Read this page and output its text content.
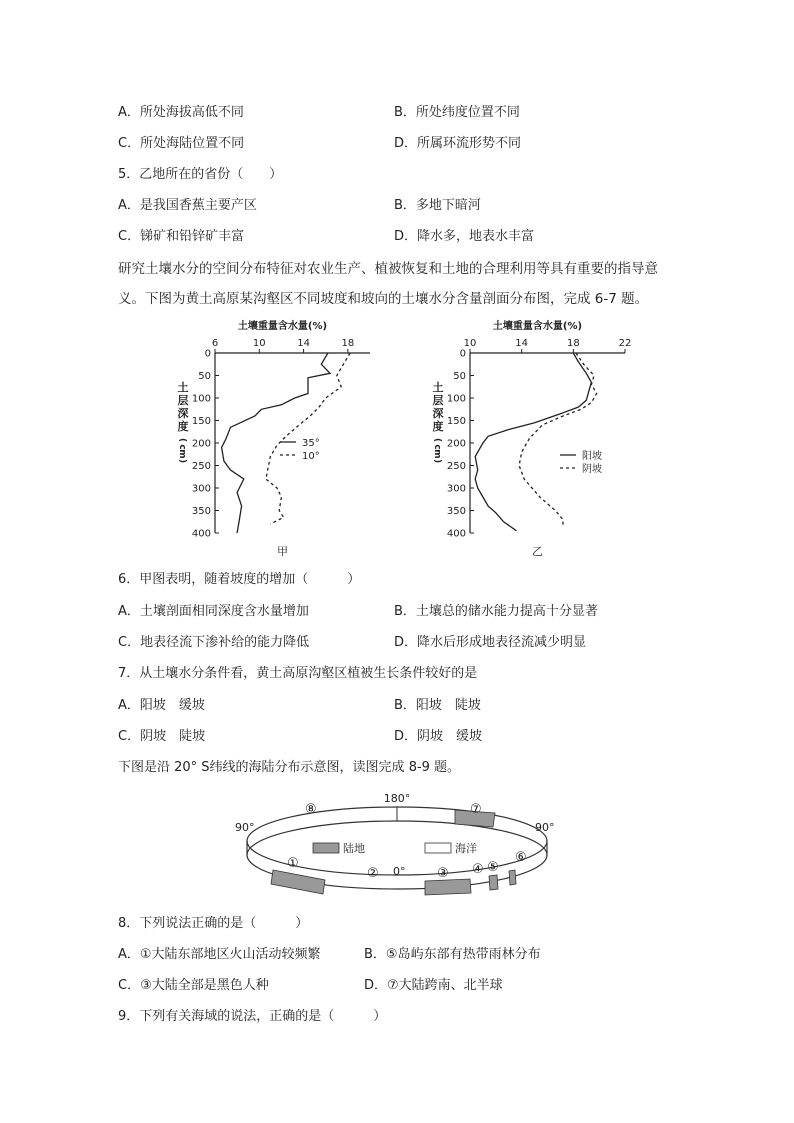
A．所处海拔高低不同	B．所处纬度位置不同
C．所处海陆位置不同	D．所属环流形势不同
5．乙地所在的省份（　　）
A．是我国香蕉主要产区	B．多地下暗河
C．锑矿和铅锌矿丰富	D．降水多，地表水丰富
研究土壤水分的空间分布特征对农业生产、植被恢复和土地的合理利用等具有重要的指导意
义。下图为黄土高原某沟壑区不同坡度和坡向的土壤水分含量剖面分布图，完成 6-7 题。
土壤重量含水量(%)
6	10	14	18
0
50
100
150
200
250
300
350
400
土
层
深
度
(
c
m
)
35°
10°
甲
土壤重量含水量(%)
10	14	18	22
0
50
100
150
200
250
300
350
400
土
层
深
度
(
c
m
)	阳坡
阴坡
乙
6．甲图表明，随着坡度的增加（　　　）
A．土壤剖面相同深度含水量增加	B．土壤总的储水能力提高十分显著
C．地表径流下渗补给的能力降低	D．降水后形成地表径流减少明显
7．从土壤水分条件看，黄土高原沟壑区植被生长条件较好的是
A．阳坡　缓坡	B．阳坡　陡坡
C．阴坡　陡坡	D．阴坡　缓坡
下图是沿 20° S纬线的海陆分布示意图，读图完成 8-9 题。
180°
90°	90°
0°
陆地	海洋
①
②	③ ④ ⑤
⑥
⑦
⑧
8．下列说法正确的是（　　　）
A．①大陆东部地区火山活动较频繁	B．⑤岛屿东部有热带雨林分布
C．③大陆全部是黑色人种	D．⑦大陆跨南、北半球
9．下列有关海域的说法，正确的是（　　　）
